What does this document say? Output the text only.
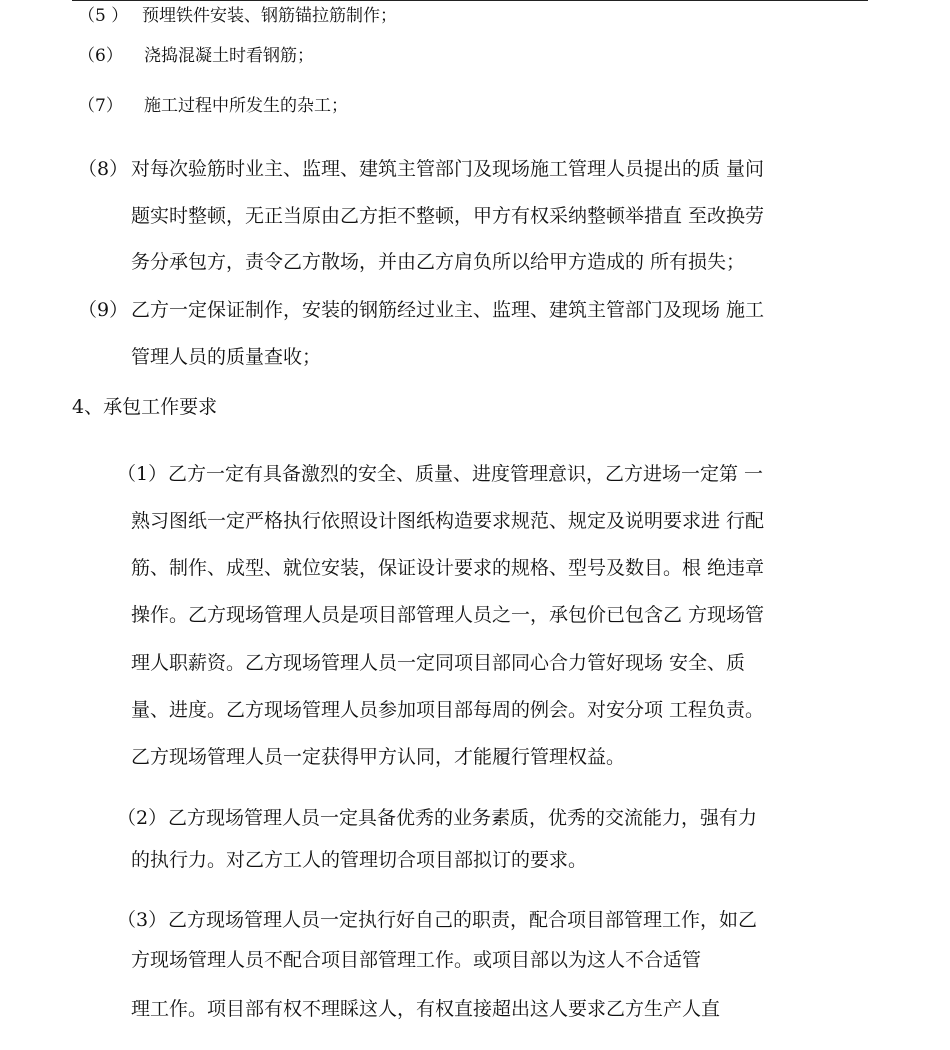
（5 ） 预埋铁件安装、钢筋锚拉筋制作；
（6） 浇捣混凝土时看钢筋；
（7） 施工过程中所发生的杂工；
（8） 对每次验筋时业主、监理、建筑主管部门及现场施工管理人员提出的质 量问
题实时整顿，无正当原由乙方拒不整顿，甲方有权采纳整顿举措直 至改换劳
务分承包方，责令乙方散场，并由乙方肩负所以给甲方造成的 所有损失；
（9） 乙方一定保证制作，安装的钢筋经过业主、监理、建筑主管部门及现场 施工
管理人员的质量查收；
4、承包工作要求
（1） 乙方一定有具备激烈的安全、质量、进度管理意识，乙方进场一定第 一
熟习图纸一定严格执行依照设计图纸构造要求规范、规定及说明要求进 行配
筋、制作、成型、就位安装，保证设计要求的规格、型号及数目。根 绝违章
操作。乙方现场管理人员是项目部管理人员之一，承包价已包含乙 方现场管
理人职薪资。乙方现场管理人员一定同项目部同心合力管好现场 安全、质
量、进度。乙方现场管理人员参加项目部每周的例会。对安分项 工程负责。
乙方现场管理人员一定获得甲方认同，才能履行管理权益。
（2） 乙方现场管理人员一定具备优秀的业务素质，优秀的交流能力，强有力
的执行力。对乙方工人的管理切合项目部拟订的要求。
（3） 乙方现场管理人员一定执行好自己的职责，配合项目部管理工作，如乙
方现场管理人员不配合项目部管理工作。或项目部以为这人不合适管
理工作。项目部有权不理睬这人，有权直接超出这人要求乙方生产人直
